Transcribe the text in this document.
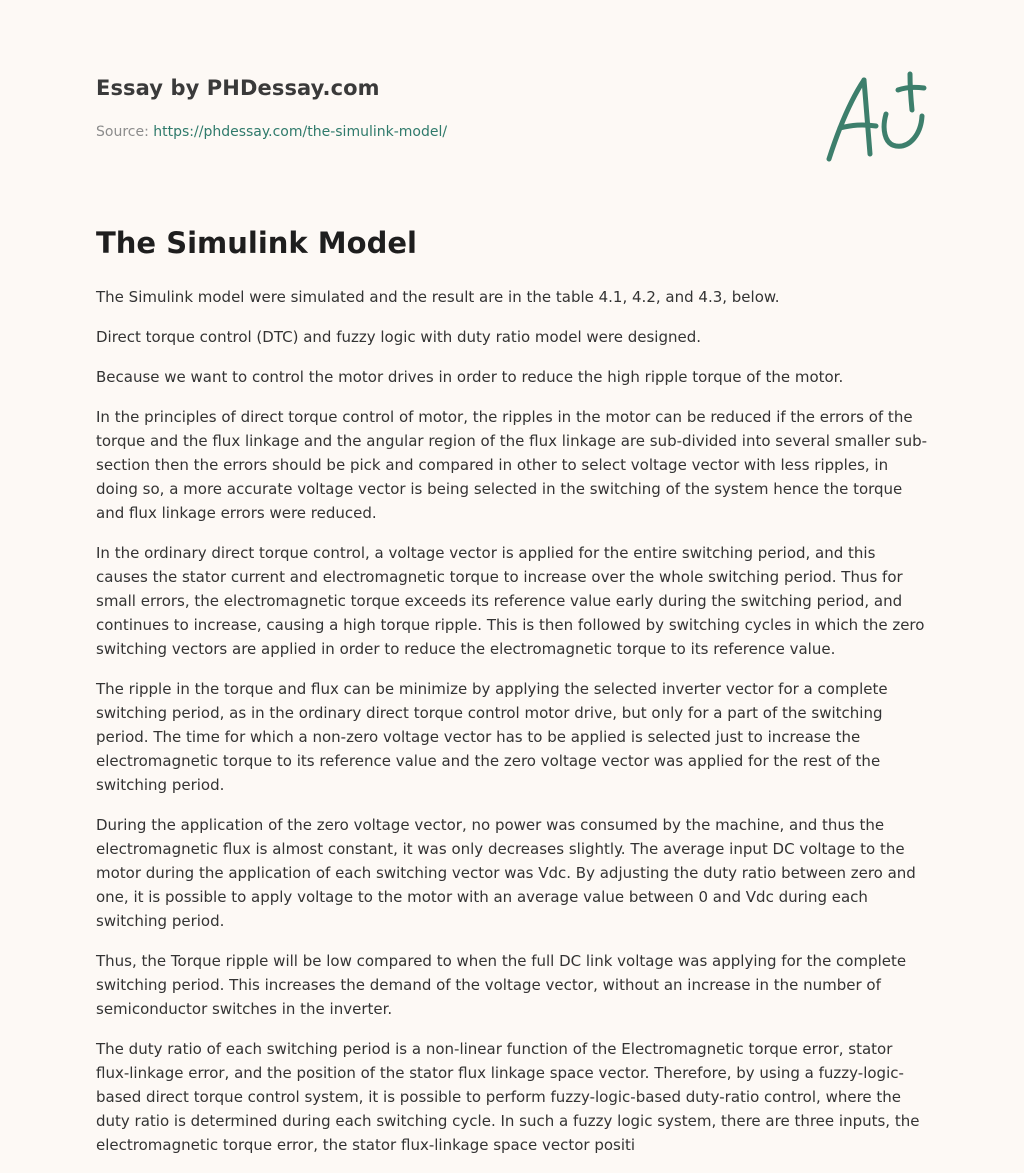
Essay by PHDessay.com
Source: https://phdessay.com/the-simulink-model/
The Simulink Model

The Simulink model were simulated and the result are in the table 4.1, 4.2, and 4.3, below.

Direct torque control (DTC) and fuzzy logic with duty ratio model were designed.

Because we want to control the motor drives in order to reduce the high ripple torque of the motor.

In the principles of direct torque control of motor, the ripples in the motor can be reduced if the errors of the torque and the flux linkage and the angular region of the flux linkage are sub-divided into several smaller sub-section then the errors should be pick and compared in other to select voltage vector with less ripples, in doing so, a more accurate voltage vector is being selected in the switching of the system hence the torque and flux linkage errors were reduced.

In the ordinary direct torque control, a voltage vector is applied for the entire switching period, and this causes the stator current and electromagnetic torque to increase over the whole switching period. Thus for small errors, the electromagnetic torque exceeds its reference value early during the switching period, and continues to increase, causing a high torque ripple. This is then followed by switching cycles in which the zero switching vectors are applied in order to reduce the electromagnetic torque to its reference value.

The ripple in the torque and flux can be minimize by applying the selected inverter vector for a complete switching period, as in the ordinary direct torque control motor drive, but only for a part of the switching period. The time for which a non-zero voltage vector has to be applied is selected just to increase the electromagnetic torque to its reference value and the zero voltage vector was applied for the rest of the switching period.

During the application of the zero voltage vector, no power was consumed by the machine, and thus the electromagnetic flux is almost constant, it was only decreases slightly. The average input DC voltage to the motor during the application of each switching vector was Vdc. By adjusting the duty ratio between zero and one, it is possible to apply voltage to the motor with an average value between 0 and Vdc during each switching period.

Thus, the Torque ripple will be low compared to when the full DC link voltage was applying for the complete switching period. This increases the demand of the voltage vector, without an increase in the number of semiconductor switches in the inverter.

The duty ratio of each switching period is a non-linear function of the Electromagnetic torque error, stator flux-linkage error, and the position of the stator flux linkage space vector. Therefore, by using a fuzzy-logic-based direct torque control system, it is possible to perform fuzzy-logic-based duty-ratio control, where the duty ratio is determined during each switching cycle. In such a fuzzy logic system, there are three inputs, the electromagnetic torque error, the stator flux-linkage space vector positi
